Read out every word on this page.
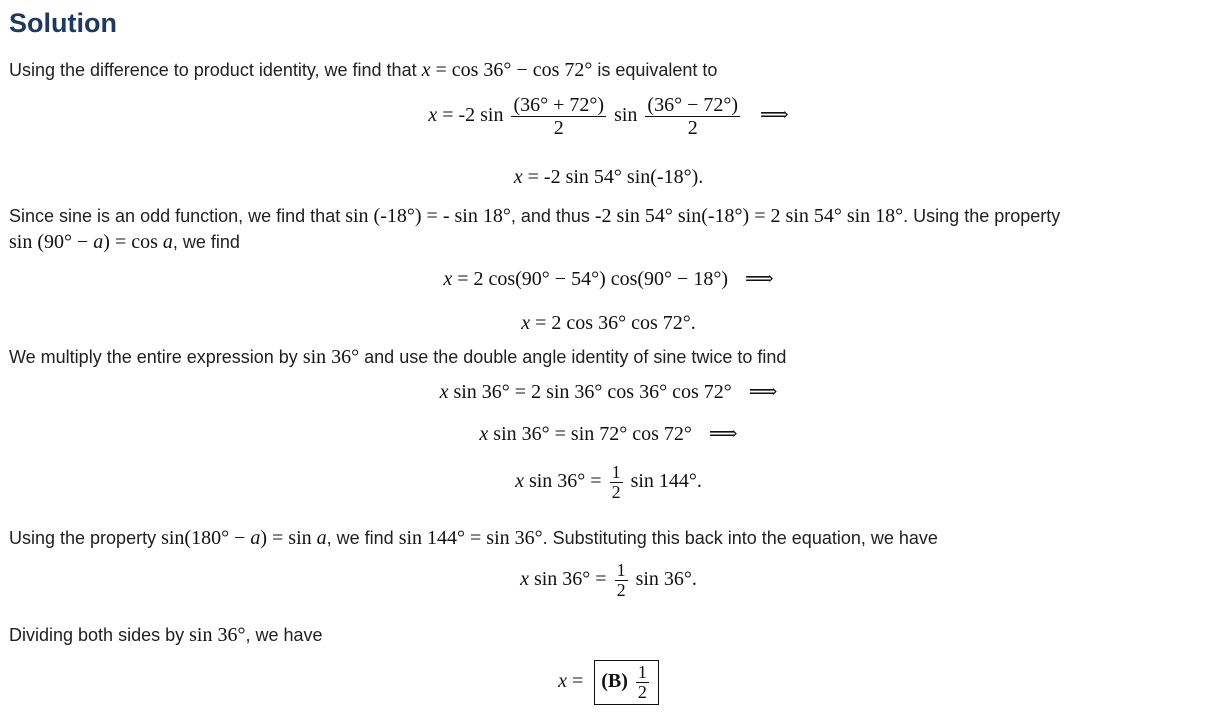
Solution
Using the difference to product identity, we find that x = cos 36° − cos 72° is equivalent to
x = -2 $\sin \frac{(36^\circ + 72^\circ)}{2}$ $\sin \frac{(36^\circ - 72^\circ)}{2}$ ⟹
x = -2 sin 54° sin(-18°).
Since sine is an odd function, we find that sin (-18°) = - sin 18°, and thus -2 sin 54° sin(-18°) = 2 sin 54° sin 18°. Using the property
sin (90° − a) = cos a, we find
x = 2 cos(90° − 54°) cos(90° − 18°) ⟹
x = 2 cos 36° cos 72°.
We multiply the entire expression by sin 36° and use the double angle identity of sine twice to find
x sin 36° = 2 sin 36° cos 36° cos 72° ⟹
x sin 36° = sin 72° cos 72° ⟹
x $\sin 36^\circ = \frac{1}{2}$ sin 144°.
Using the property sin(180° − a) = sin a, we find sin 144° = sin 36°. Substituting this back into the equation, we have
x $\sin 36^\circ = \frac{1}{2}$ sin 36°.
Dividing both sides by sin 36°, we have
$x = (B) \frac{1}{2}$
